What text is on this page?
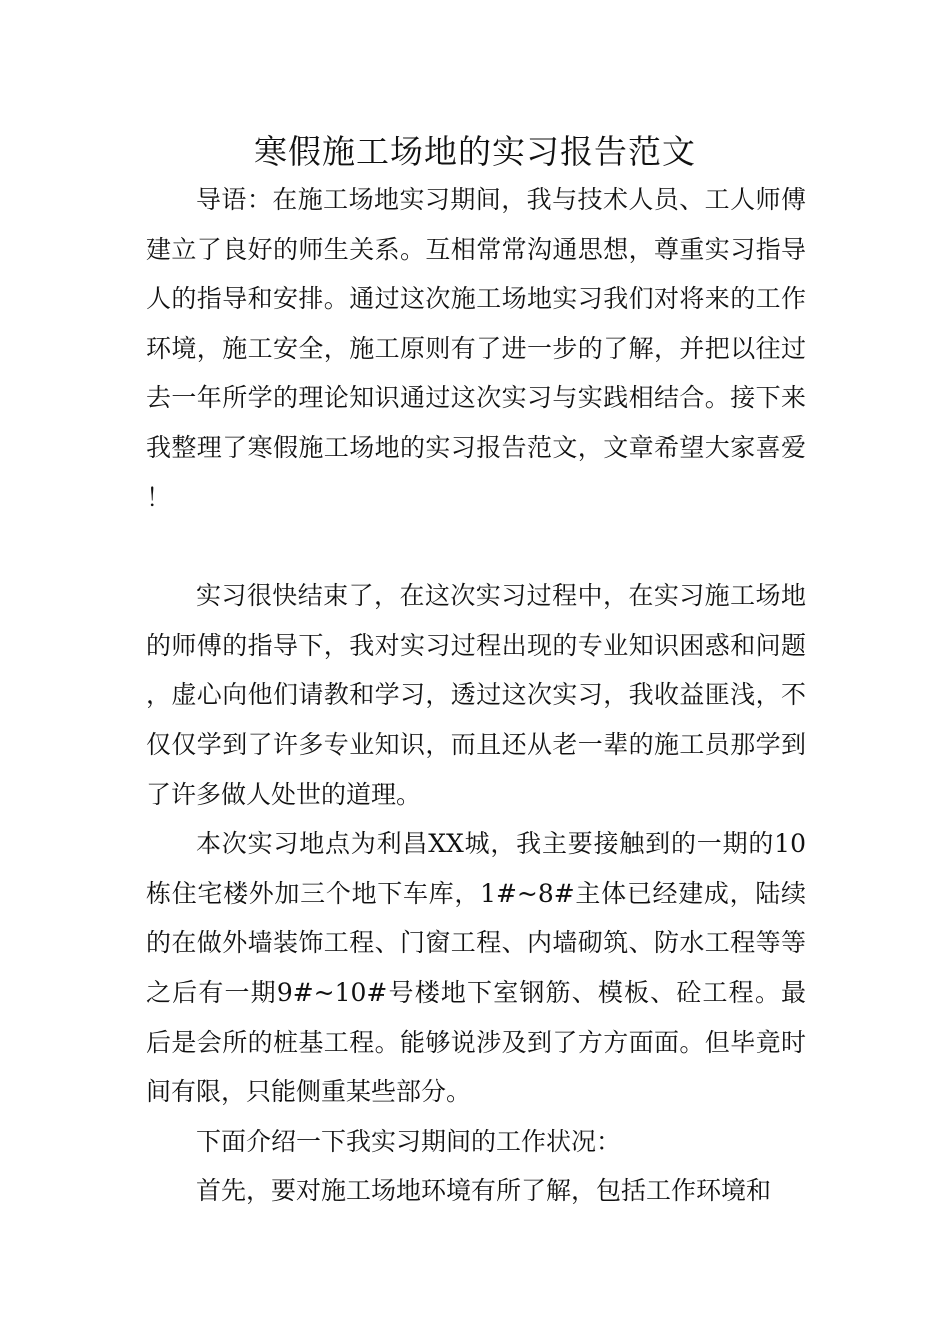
寒假施工场地的实习报告范文

导语：在施工场地实习期间，我与技术人员、工人师傅建立了良好的师生关系。互相常常沟通思想，尊重实习指导人的指导和安排。通过这次施工场地实习我们对将来的工作环境，施工安全，施工原则有了进一步的了解，并把以往过去一年所学的理论知识通过这次实习与实践相结合。接下来我整理了寒假施工场地的实习报告范文，文章希望大家喜爱！

实习很快结束了，在这次实习过程中，在实习施工场地的师傅的指导下，我对实习过程出现的专业知识困惑和问题，虚心向他们请教和学习，透过这次实习，我收益匪浅，不仅仅学到了许多专业知识，而且还从老一辈的施工员那学到了许多做人处世的道理。

本次实习地点为利昌XX城，我主要接触到的一期的10栋住宅楼外加三个地下车库，1#~8#主体已经建成，陆续的在做外墙装饰工程、门窗工程、内墙砌筑、防水工程等等之后有一期9#~10#号楼地下室钢筋、模板、砼工程。最后是会所的桩基工程。能够说涉及到了方方面面。但毕竟时间有限，只能侧重某些部分。

下面介绍一下我实习期间的工作状况：

首先，要对施工场地环境有所了解，包括工作环境和
